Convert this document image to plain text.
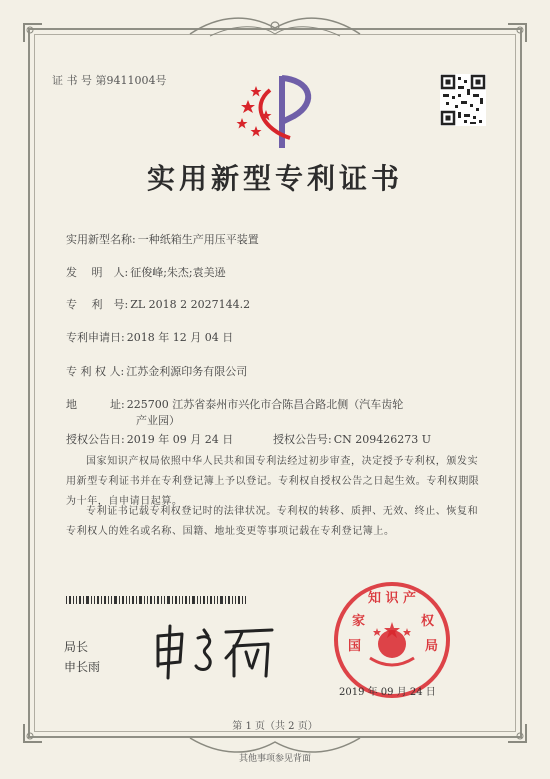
证 书 号 第9411004号
实用新型专利证书
实用新型名称: 一种纸箱生产用压平装置
发　 明　人: 征俊峰;朱杰;袁美逊
专　 利　号: ZL 2018 2 2027144.2
专利申请日: 2018 年 12 月 04 日
专 利 权 人: 江苏金利源印务有限公司
地　　　址: 225700 江苏省泰州市兴化市合陈昌合路北侧（汽车齿轮
产业园）
授权公告日: 2019 年 09 月 24 日	授权公告号: CN 209426273 U
国家知识产权局依照中华人民共和国专利法经过初步审查，决定授予专利权，颁发实用新型专利证书并在专利登记簿上予以登记。专利权自授权公告之日起生效。专利权期限为十年，自申请日起算。
专利证书记载专利权登记时的法律状况。专利权的转移、质押、无效、终止、恢复和专利权人的姓名或名称、国籍、地址变更等事项记载在专利登记簿上。
局长
申长雨
知 识 产
国	局
家	权
2019 年 09 月 24 日
第 1 页（共 2 页）
其他事项参见背面
